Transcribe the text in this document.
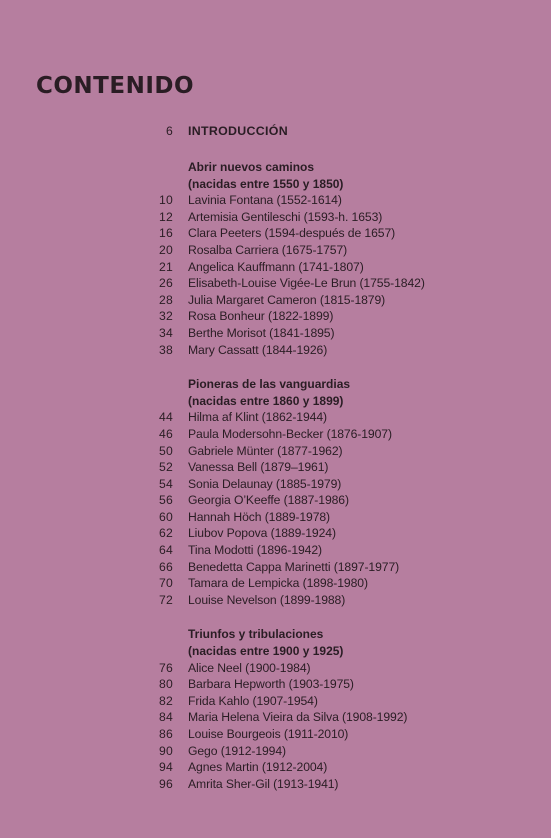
CONTENIDO
6 INTRODUCCIÓN
Abrir nuevos caminos
(nacidas entre 1550 y 1850)
10 Lavinia Fontana (1552-1614)
12 Artemisia Gentileschi (1593-h. 1653)
16 Clara Peeters (1594-después de 1657)
20 Rosalba Carriera (1675-1757)
21 Angelica Kauffmann (1741-1807)
26 Elisabeth-Louise Vigée-Le Brun (1755-1842)
28 Julia Margaret Cameron (1815-1879)
32 Rosa Bonheur (1822-1899)
34 Berthe Morisot (1841-1895)
38 Mary Cassatt (1844-1926)
Pioneras de las vanguardias
(nacidas entre 1860 y 1899)
44 Hilma af Klint (1862-1944)
46 Paula Modersohn-Becker (1876-1907)
50 Gabriele Münter (1877-1962)
52 Vanessa Bell (1879–1961)
54 Sonia Delaunay (1885-1979)
56 Georgia O’Keeffe (1887-1986)
60 Hannah Höch (1889-1978)
62 Liubov Popova (1889-1924)
64 Tina Modotti (1896-1942)
66 Benedetta Cappa Marinetti (1897-1977)
70 Tamara de Lempicka (1898-1980)
72 Louise Nevelson (1899-1988)
Triunfos y tribulaciones
(nacidas entre 1900 y 1925)
76 Alice Neel (1900-1984)
80 Barbara Hepworth (1903-1975)
82 Frida Kahlo (1907-1954)
84 Maria Helena Vieira da Silva (1908-1992)
86 Louise Bourgeois (1911-2010)
90 Gego (1912-1994)
94 Agnes Martin (1912-2004)
96 Amrita Sher-Gil (1913-1941)
